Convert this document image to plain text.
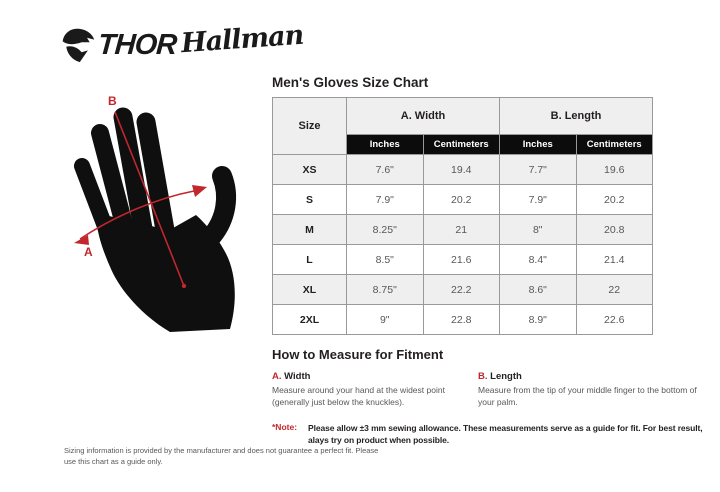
THOR Hallman
B
A
Men's Gloves Size Chart
Size	A. Width		B. Length	
	Inches	Centimeters	Inches	Centimeters
XS	7.6"	19.4	7.7"	19.6
S	7.9"	20.2	7.9"	20.2
M	8.25"	21	8"	20.8
L	8.5"	21.6	8.4"	21.4
XL	8.75"	22.2	8.6"	22
2XL	9"	22.8	8.9"	22.6
How to Measure for Fitment
A. Width

Measure around your hand at the widest point (generally just below the knuckles).

B. Length

Measure from the tip of your middle finger to the bottom of your palm.

*Note:	Please allow ±3 mm sewing allowance. These measurements serve as a guide for fit. For best result, alays try on product when possible.

Sizing information is provided by the manufacturer and does not guarantee a perfect fit. Please use this chart as a guide only.
